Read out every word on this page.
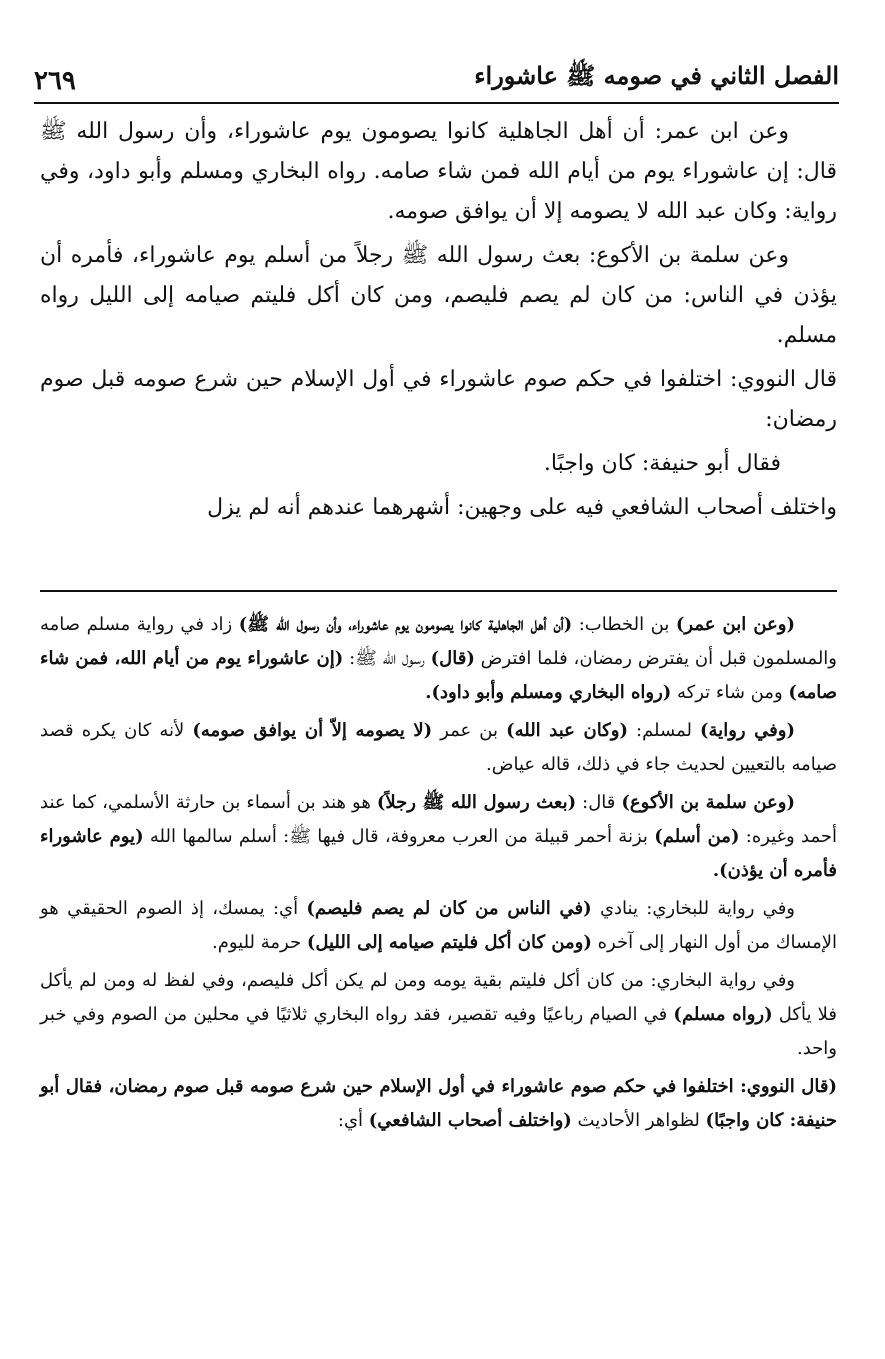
الفصل الثاني في صومه ﷺ عاشوراء
٢٦٩

وعن ابن عمر: أن أهل الجاهلية كانوا يصومون يوم عاشوراء، وأن رسول الله ﷺ قال: إن عاشوراء يوم من أيام الله فمن شاء صامه. رواه البخاري ومسلم وأبو داود، وفي رواية: وكان عبد الله لا يصومه إلا أن يوافق صومه.

وعن سلمة بن الأكوع: بعث رسول الله ﷺ رجلاً من أسلم يوم عاشوراء، فأمره أن يؤذن في الناس: من كان لم يصم فليصم، ومن كان أكل فليتم صيامه إلى الليل رواه مسلم.

قال النووي: اختلفوا في حكم صوم عاشوراء في أول الإسلام حين شرع صومه قبل صوم رمضان:

فقال أبو حنيفة: كان واجبًا.

واختلف أصحاب الشافعي فيه على وجهين: أشهرهما عندهم أنه لم يزل

(وعن ابن عمر) بن الخطاب: (أن أهل الجاهلية كانوا يصومون يوم عاشوراء، وأن رسول الله ﷺ) زاد في رواية مسلم صامه والمسلمون قبل أن يفترض رمضان، فلما افترض (قال) رسول الله ﷺ: (إن عاشوراء يوم من أيام الله، فمن شاء صامه) ومن شاء تركه (رواه البخاري ومسلم وأبو داود).

(وفي رواية) لمسلم: (وكان عبد الله) بن عمر (لا يصومه إلاّ أن يوافق صومه) لأنه كان يكره قصد صيامه بالتعيين لحديث جاء في ذلك، قاله عياض.

(وعن سلمة بن الأكوع) قال: (بعث رسول الله ﷺ رجلاً) هو هند بن أسماء بن حارثة الأسلمي، كما عند أحمد وغيره: (من أسلم) بزنة أحمر قبيلة من العرب معروفة، قال فيها ﷺ: أسلم سالمها الله (يوم عاشوراء فأمره أن يؤذن).

وفي رواية للبخاري: ينادي (في الناس من كان لم يصم فليصم) أي: يمسك، إذ الصوم الحقيقي هو الإمساك من أول النهار إلى آخره (ومن كان أكل فليتم صيامه إلى الليل) حرمة لليوم.

وفي رواية البخاري: من كان أكل فليتم بقية يومه ومن لم يكن أكل فليصم، وفي لفظ له ومن لم يأكل فلا يأكل (رواه مسلم) في الصيام رباعيًا وفيه تقصير، فقد رواه البخاري ثلاثيًا في محلين من الصوم وفي خبر واحد.

(قال النووي: اختلفوا في حكم صوم عاشوراء في أول الإسلام حين شرع صومه قبل صوم رمضان، فقال أبو حنيفة: كان واجبًا) لظواهر الأحاديث (واختلف أصحاب الشافعي) أي:
